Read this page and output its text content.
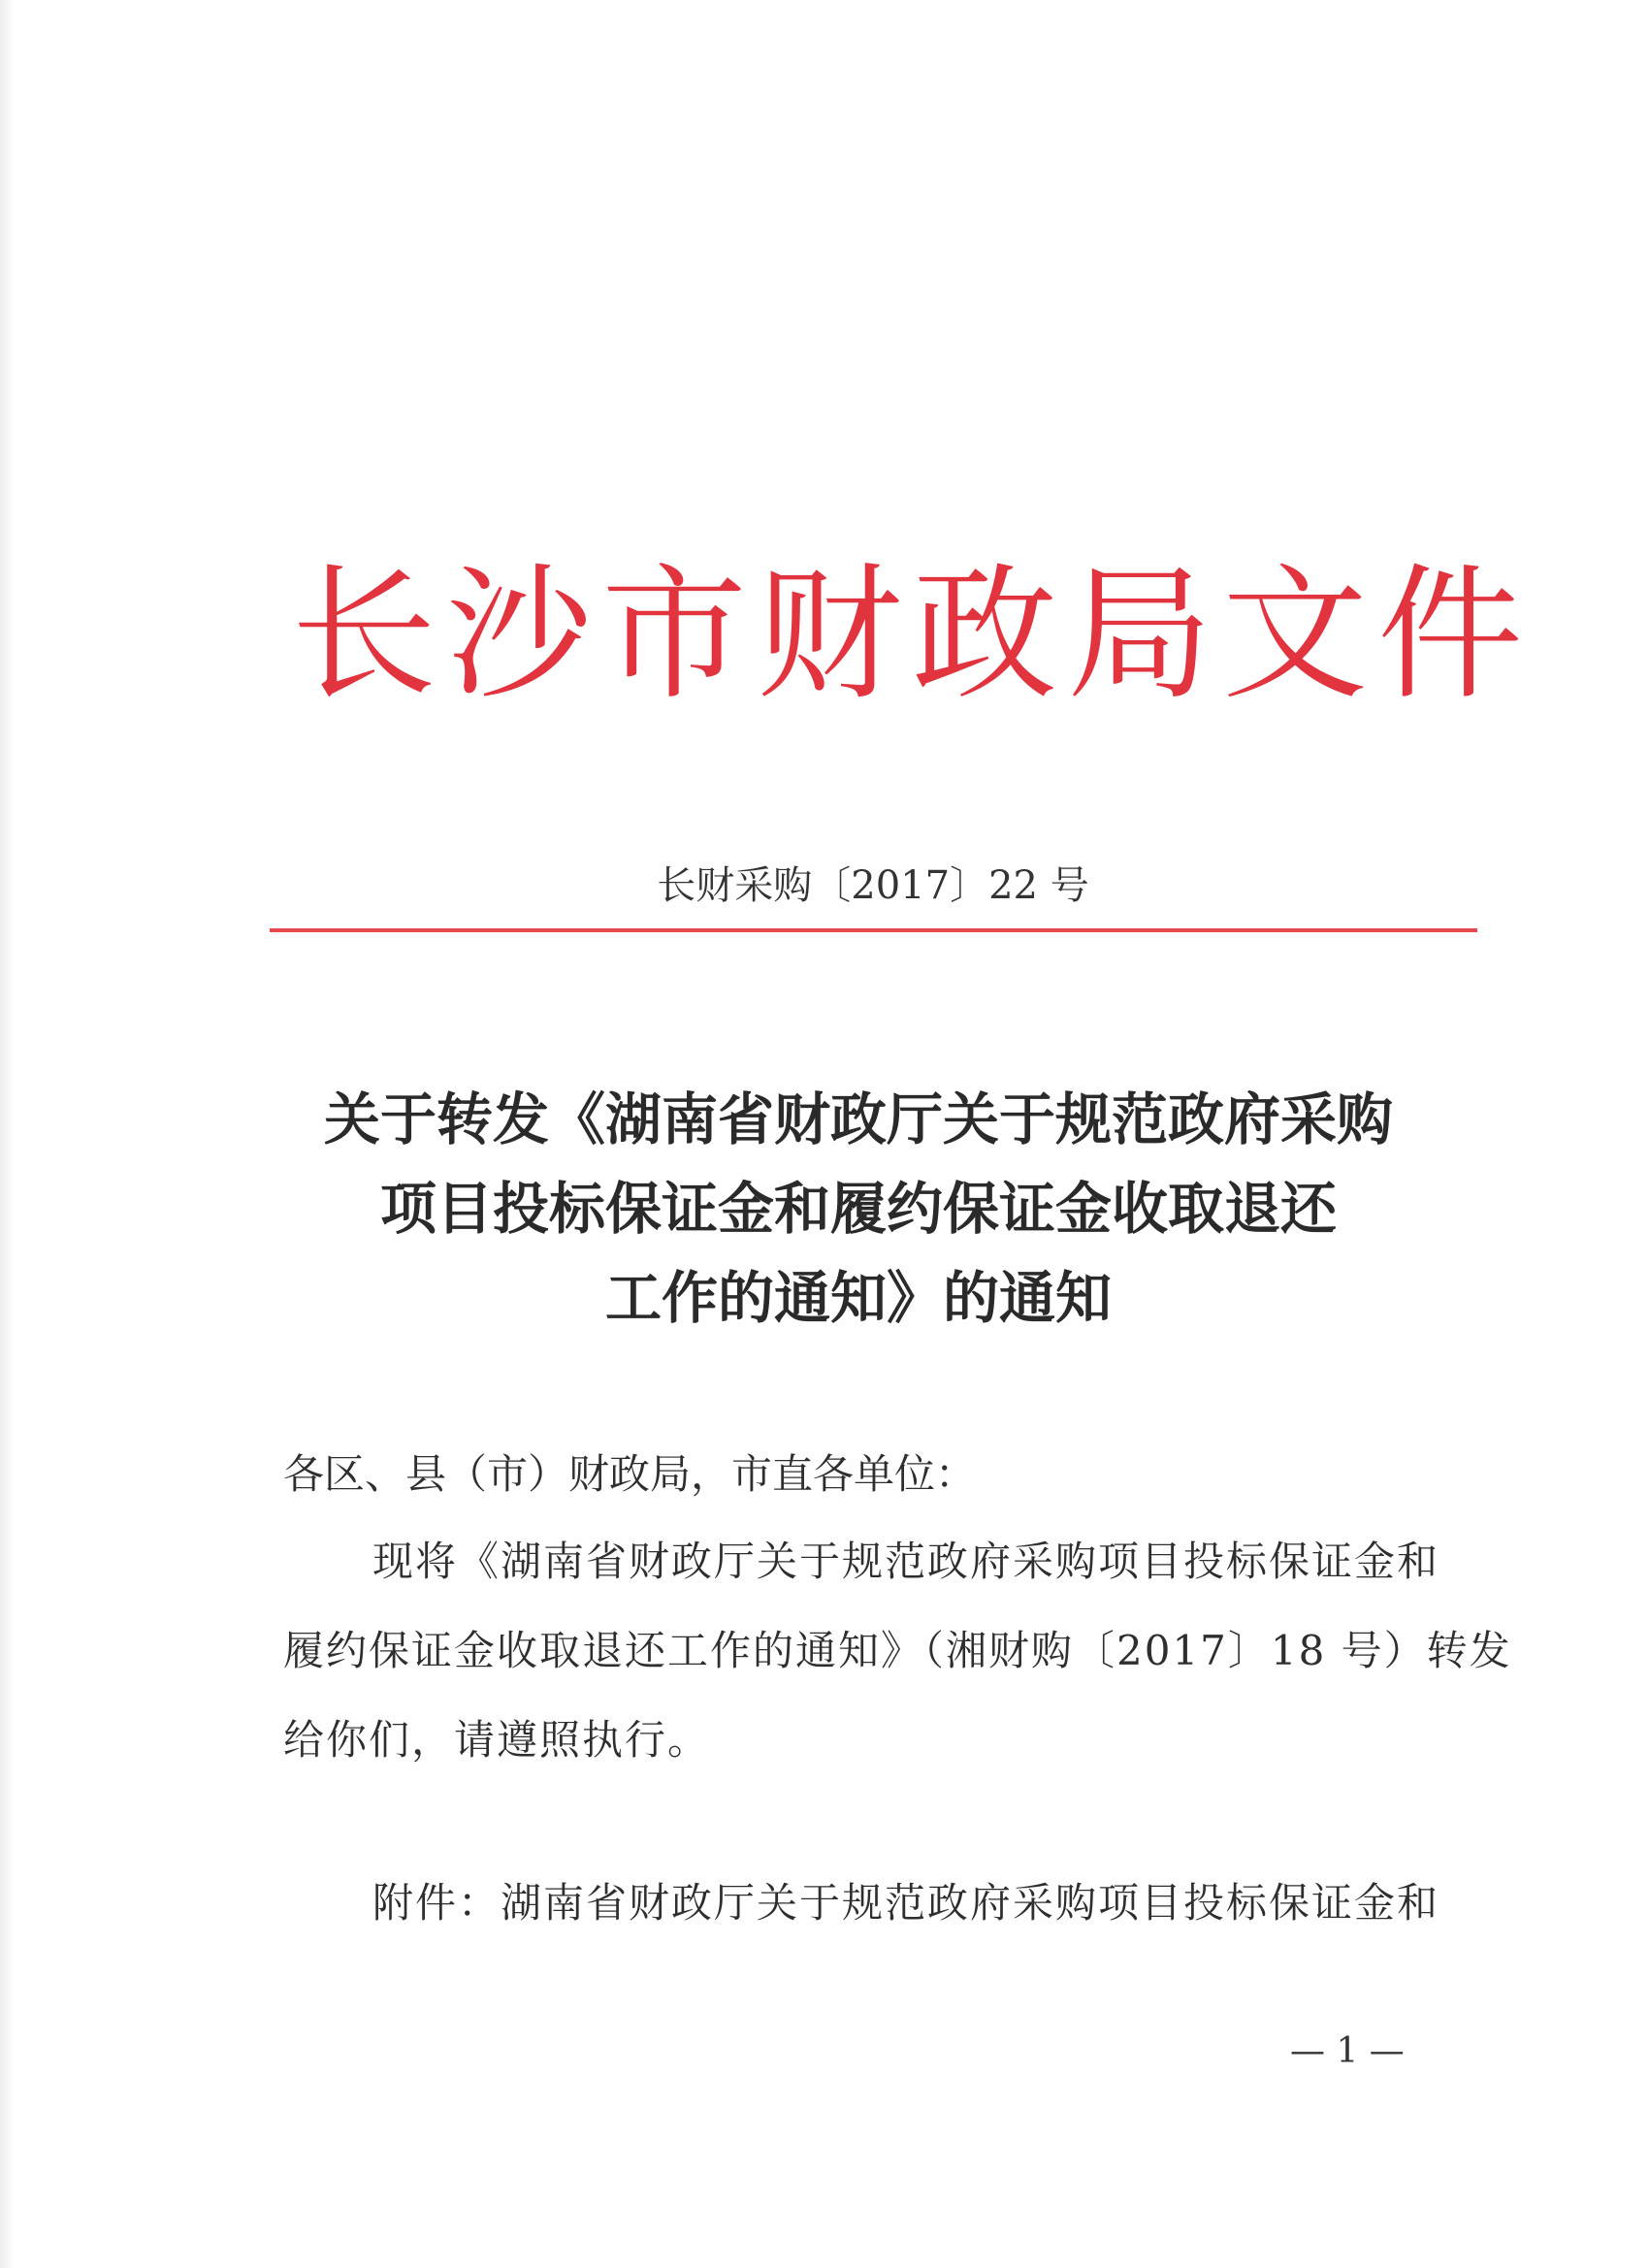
长沙市财政局文件
长财采购〔2017〕22 号
关于转发《湖南省财政厅关于规范政府采购
项目投标保证金和履约保证金收取退还
工作的通知》的通知
各区、县（市）财政局，市直各单位：
现将《湖南省财政厅关于规范政府采购项目投标保证金和
履约保证金收取退还工作的通知》（湘财购〔2017〕18 号）转发
给你们，请遵照执行。
附件：湖南省财政厅关于规范政府采购项目投标保证金和
— 1 —
